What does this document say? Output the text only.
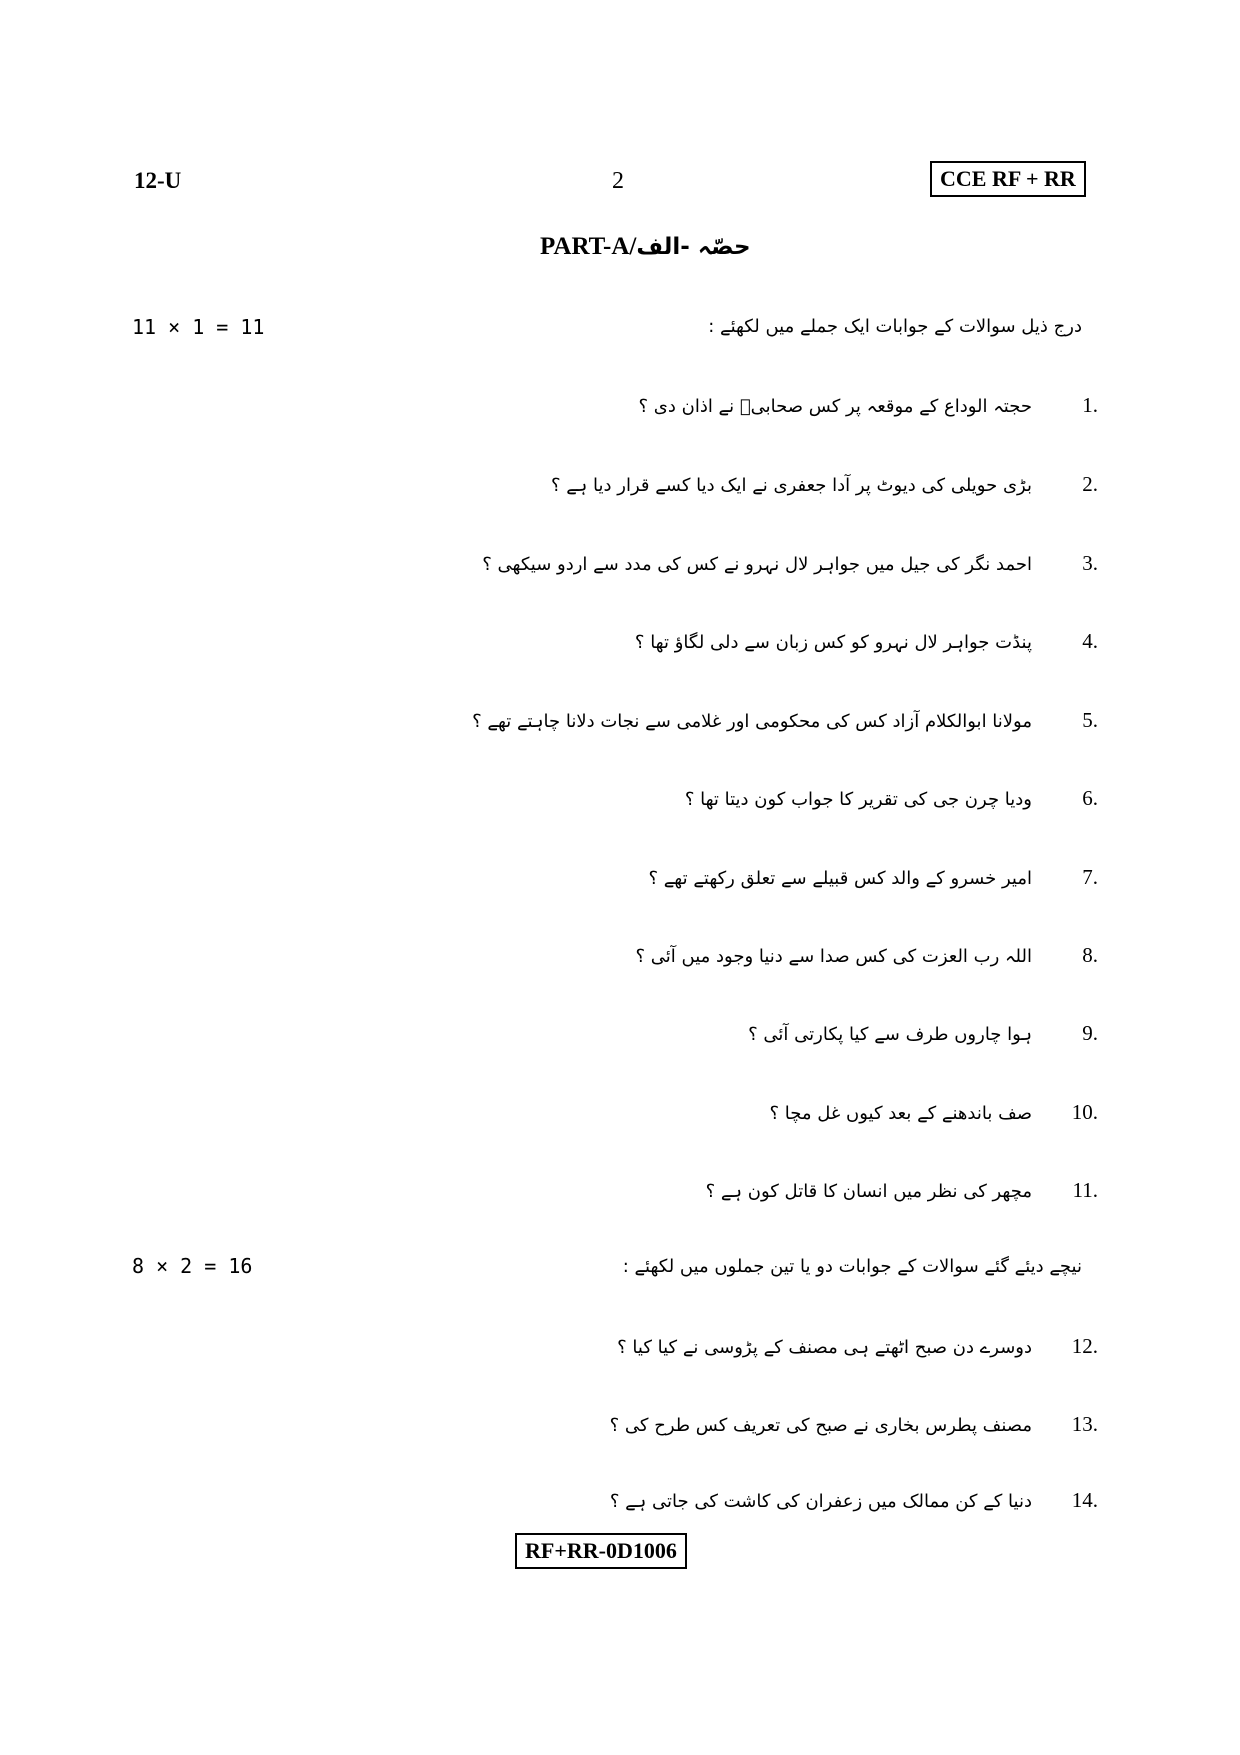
12-U	2	CCE RF + RR
PART-A/حصّہ -الف
11 × 1 = 11	درج ذیل سوالات کے جوابات ایک جملے میں لکھئے :
1.حجتہ الوداع کے موقعہ پر کس صحابیؓ نے اذان دی ؟
2.بڑی حویلی کی دیوٹ پر آدا جعفری نے ایک دیا کسے قرار دیا ہے ؟
3.احمد نگر کی جیل میں جواہر لال نہرو نے کس کی مدد سے اردو سیکھی ؟
4.پنڈت جواہر لال نہرو کو کس زبان سے دلی لگاؤ تھا ؟
5.مولانا ابوالکلام آزاد کس کی محکومی اور غلامی سے نجات دلانا چاہتے تھے ؟
6.ودیا چرن جی کی تقریر کا جواب کون دیتا تھا ؟
7.امیر خسرو کے والد کس قبیلے سے تعلق رکھتے تھے ؟
8.اللہ رب العزت کی کس صدا سے دنیا وجود میں آئی ؟
9.ہوا چاروں طرف سے کیا پکارتی آئی ؟
10.صف باندھنے کے بعد کیوں غل مچا ؟
11.مچھر کی نظر میں انسان کا قاتل کون ہے ؟
8 × 2 = 16	نیچے دیئے گئے سوالات کے جوابات دو یا تین جملوں میں لکھئے :
12.دوسرے دن صبح اٹھتے ہی مصنف کے پڑوسی نے کیا کیا ؟
13.مصنف پطرس بخاری نے صبح کی تعریف کس طرح کی ؟
14.دنیا کے کن ممالک میں زعفران کی کاشت کی جاتی ہے ؟
RF+RR-0D1006
